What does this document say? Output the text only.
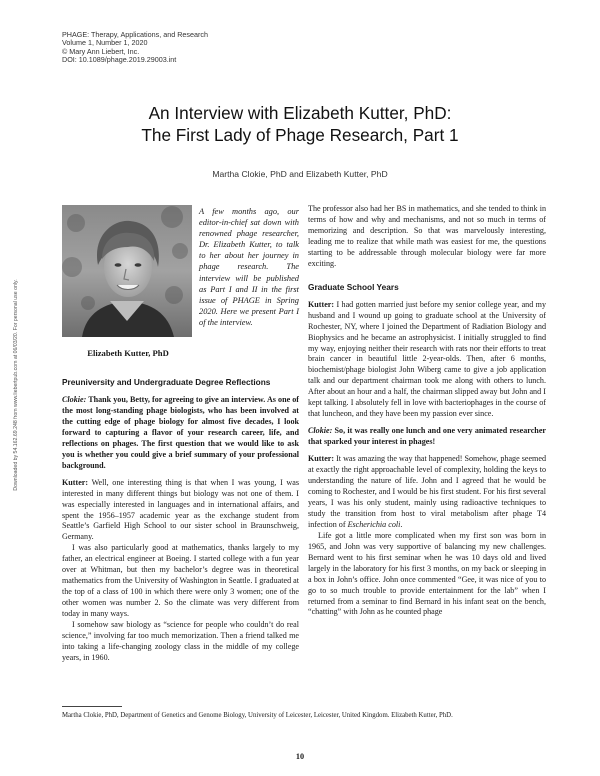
PHAGE: Therapy, Applications, and Research
Volume 1, Number 1, 2020
© Mary Ann Liebert, Inc.
DOI: 10.1089/phage.2019.29003.int
Downloaded by 54.162.69.248 from www.liebertpub.com at 06/03/20. For personal use only.
An Interview with Elizabeth Kutter, PhD:
The First Lady of Phage Research, Part 1
Martha Clokie, PhD and Elizabeth Kutter, PhD
Elizabeth Kutter, PhD
A few months ago, our editor-in-chief sat down with renowned phage researcher, Dr. Elizabeth Kutter, to talk to her about her journey in phage research. The interview will be published as Part I and II in the first issue of PHAGE in Spring 2020. Here we present Part I of the interview.
Preuniversity and Undergraduate Degree Reflections

Clokie: Thank you, Betty, for agreeing to give an interview. As one of the most long-standing phage biologists, who has been involved at the cutting edge of phage biology for almost five decades, I look forward to capturing a flavor of your research career, life, and reflections on phages. The first question that we would like to ask you is whether you could give a brief summary of your professional background.

Kutter: Well, one interesting thing is that when I was young, I was interested in many different things but biology was not one of them. I was especially interested in languages and in international affairs, and spent the 1956–1957 academic year as the exchange student from Seattle’s Garfield High School to our sister school in Braunschweig, Germany.

I was also particularly good at mathematics, thanks largely to my father, an electrical engineer at Boeing. I started college with a fun year over at Whitman, but then my bachelor’s degree was in theoretical mathematics from the University of Washington in Seattle. I graduated at the top of a class of 100 in which there were only 3 women; one of the other women was number 2. So the climate was very different from today in many ways.

I somehow saw biology as “science for people who couldn’t do real science,” involving far too much memorization. Then a friend talked me into taking a life-changing zoology class in the middle of my college years, in 1960.

The professor also had her BS in mathematics, and she tended to think in terms of how and why and mechanisms, and not so much in terms of memorizing and description. So that was marvelously interesting, leading me to realize that while math was easiest for me, the questions starting to be addressable through molecular biology were far more exciting.

Graduate School Years

Kutter: I had gotten married just before my senior college year, and my husband and I wound up going to graduate school at the University of Rochester, NY, where I joined the Department of Radiation Biology and Biophysics and he became an astrophysicist. I initially struggled to find my way, enjoying neither their research with rats nor their efforts to treat brain cancer in beautiful little 2-year-olds. Then, after 6 months, biochemist/phage biologist John Wiberg came to give a job application talk and our department chairman took me along with others to lunch. After about an hour and a half, the chairman slipped away but John and I kept talking. I absolutely fell in love with bacteriophages in the course of that luncheon, and they have been my passion ever since.

Clokie: So, it was really one lunch and one very animated researcher that sparked your interest in phages!

Kutter: It was amazing the way that happened! Somehow, phage seemed at exactly the right approachable level of complexity, holding the keys to understanding the nature of life. John and I agreed that he would be coming to Rochester, and I would be his first student. For his first several years, I was his only student, mainly using radioactive techniques to study the transition from host to viral metabolism after phage T4 infection of Escherichia coli.

Life got a little more complicated when my first son was born in 1965, and John was very supportive of balancing my new challenges. Bernard went to his first seminar when he was 10 days old and lived largely in the laboratory for his first 3 months, on my back or sleeping in a box in John’s office. John once commented “Gee, it was nice of you to go to so much trouble to provide entertainment for the lab” when I returned from a seminar to find Bernard in his infant seat on the bench, “chatting” with John as he counted phage

Martha Clokie, PhD, Department of Genetics and Genome Biology, University of Leicester, Leicester, United Kingdom. Elizabeth Kutter, PhD.
10
